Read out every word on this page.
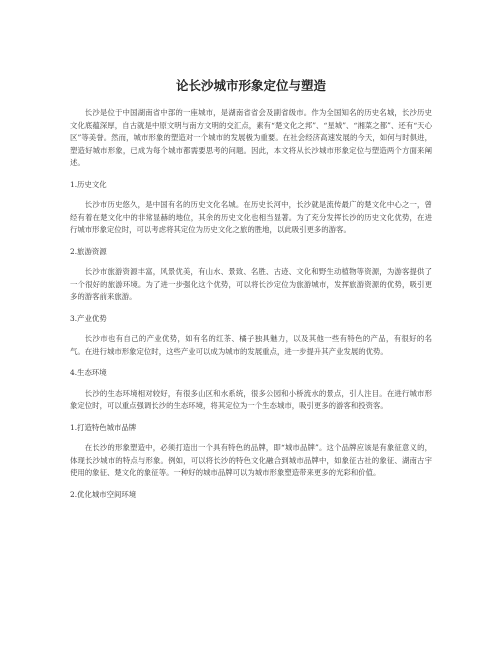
论长沙城市形象定位与塑造

长沙是位于中国湖南省中部的一座城市，是湖南省省会及副省级市。作为全国知名的历史名城，长沙历史文化底蕴深厚，自古就是中原文明与南方文明的交汇点，素有“楚文化之邦”、“星城”、“湘菜之都”、还有“天心区”等美誉。然而，城市形象的塑造对一个城市的发展极为重要。在社会经济高速发展的今天，如何与时俱进，塑造好城市形象，已成为每个城市都需要思考的问题。因此，本文将从长沙城市形象定位与塑造两个方面来阐述。

1.历史文化

长沙市历史悠久，是中国有名的历史文化名城。在历史长河中，长沙就是流传最广的楚文化中心之一，曾经有着在楚文化中的非常显赫的地位，其余的历史文化也相当显著。为了充分发挥长沙的历史文化优势，在进行城市形象定位时，可以考虑将其定位为历史文化之旅的胜地，以此吸引更多的游客。

2.旅游资源

长沙市旅游资源丰富，风景优美，有山水、景致、名胜、古迹、文化和野生动植物等资源，为游客提供了一个很好的旅游环境。为了进一步强化这个优势，可以将长沙定位为旅游城市，发挥旅游资源的优势，吸引更多的游客前来旅游。

3.产业优势

长沙市也有自己的产业优势，如有名的红茶、橘子独具魅力，以及其他一些有特色的产品，有很好的名气。在进行城市形象定位时，这些产业可以成为城市的发展重点，进一步提升其产业发展的优势。

4.生态环境

长沙的生态环境相对较好，有很多山区和水系统，很多公园和小桥流水的景点，引人注目。在进行城市形象定位时，可以重点强调长沙的生态环境，将其定位为一个生态城市，吸引更多的游客和投资客。

1.打造特色城市品牌

在长沙的形象塑造中，必须打造出一个具有特色的品牌，即“城市品牌”。这个品牌应该是有象征意义的，体现长沙城市的特点与形象。例如，可以将长沙的特色文化融合到城市品牌中，如象征古社的象征、湖南古宇使用的象征、楚文化的象征等。一种好的城市品牌可以为城市形象塑造带来更多的光彩和价值。

2.优化城市空间环境
